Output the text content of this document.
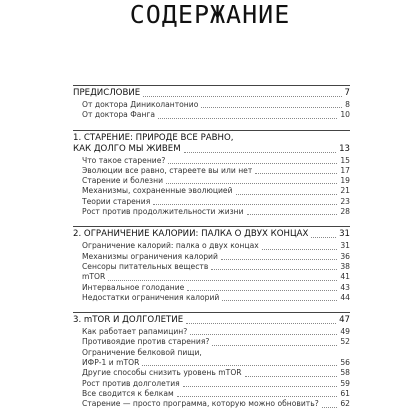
СОДЕРЖАНИЕ
ПРЕДИСЛОВИЕ	7
От доктора Диниколантонио	8
От доктора Фанга	10
1. СТАРЕНИЕ: ПРИРОДЕ ВСЕ РАВНО,
КАК ДОЛГО МЫ ЖИВЕМ	13
Что такое старение?	15
Эволюции все равно, стареете вы или нет	17
Старение и болезни	19
Механизмы, сохраненные эволюцией	21
Теории старения	23
Рост против продолжительности жизни	28
2. ОГРАНИЧЕНИЕ КАЛОРИЙ: ПАЛКА О ДВУХ КОНЦАХ	31
Ограничение калорий: палка о двух концах	31
Механизмы ограничения калорий	36
Сенсоры питательных веществ	38
mTOR	41
Интервальное голодание	43
Недостатки ограничения калорий	44
3. mTOR И ДОЛГОЛЕТИЕ	47
Как работает рапамицин?	49
Противоядие против старения?	52
Ограничение белковой пищи,
ИФР-1 и mTOR	56
Другие способы снизить уровень mTOR	58
Рост против долголетия	59
Все сводится к белкам	61
Старение — просто программа, которую можно обновить?	62
